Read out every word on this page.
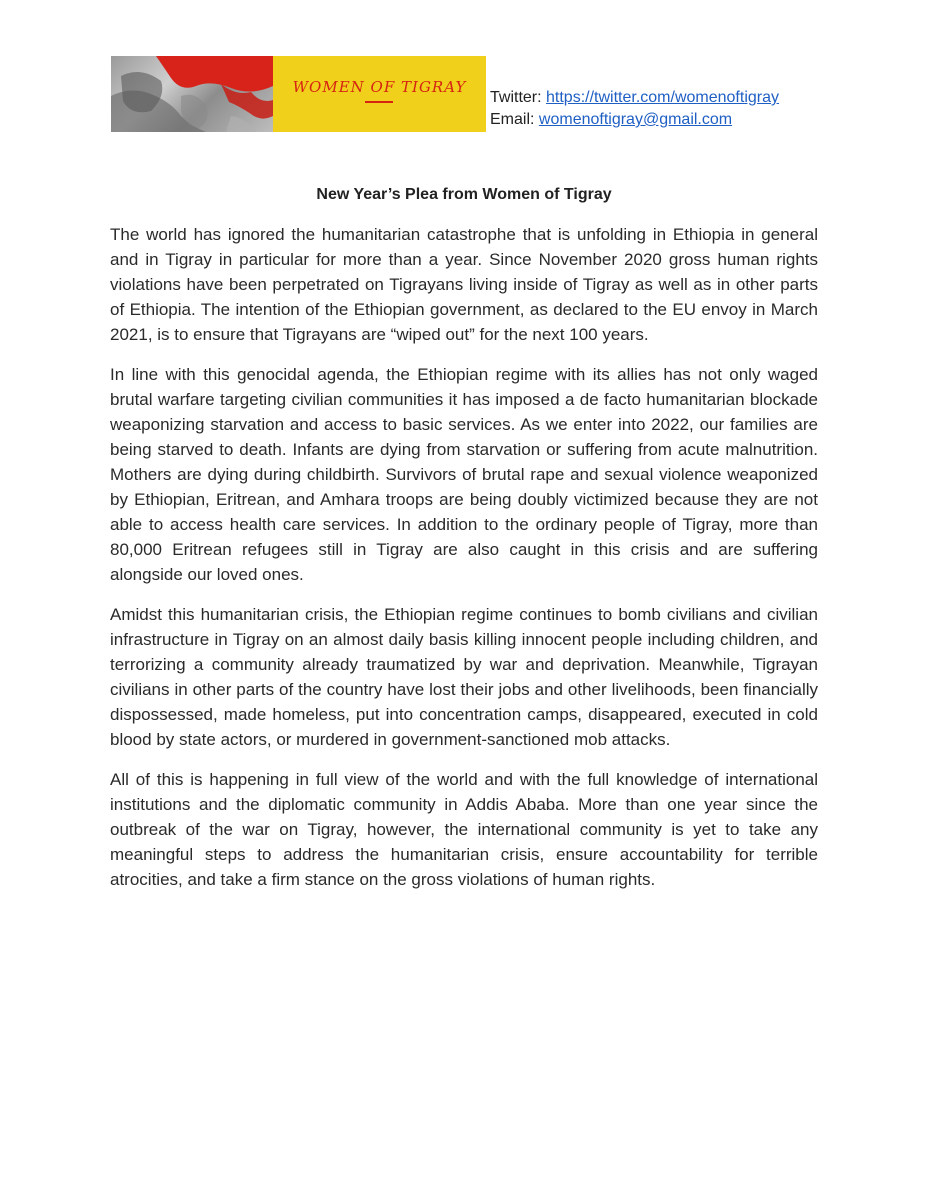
WOMEN OF TIGRAY
Twitter: https://twitter.com/womenoftigray
Email: womenoftigray@gmail.com
New Year’s Plea from Women of Tigray

The world has ignored the humanitarian catastrophe that is unfolding in Ethiopia in general and in Tigray in particular for more than a year. Since November 2020 gross human rights violations have been perpetrated on Tigrayans living inside of Tigray as well as in other parts of Ethiopia. The intention of the Ethiopian government, as declared to the EU envoy in March 2021, is to ensure that Tigrayans are “wiped out” for the next 100 years.

In line with this genocidal agenda, the Ethiopian regime with its allies has not only waged brutal warfare targeting civilian communities it has imposed a de facto humanitarian blockade weaponizing starvation and access to basic services. As we enter into 2022, our families are being starved to death. Infants are dying from starvation or suffering from acute malnutrition. Mothers are dying during childbirth. Survivors of brutal rape and sexual violence weaponized by Ethiopian, Eritrean, and Amhara troops are being doubly victimized because they are not able to access health care services. In addition to the ordinary people of Tigray, more than 80,000 Eritrean refugees still in Tigray are also caught in this crisis and are suffering alongside our loved ones.

Amidst this humanitarian crisis, the Ethiopian regime continues to bomb civilians and civilian infrastructure in Tigray on an almost daily basis killing innocent people including children, and terrorizing a community already traumatized by war and deprivation. Meanwhile, Tigrayan civilians in other parts of the country have lost their jobs and other livelihoods, been financially dispossessed, made homeless, put into concentration camps, disappeared, executed in cold blood by state actors, or murdered in government-sanctioned mob attacks.

All of this is happening in full view of the world and with the full knowledge of international institutions and the diplomatic community in Addis Ababa. More than one year since the outbreak of the war on Tigray, however, the international community is yet to take any meaningful steps to address the humanitarian crisis, ensure accountability for terrible atrocities, and take a firm stance on the gross violations of human rights.
